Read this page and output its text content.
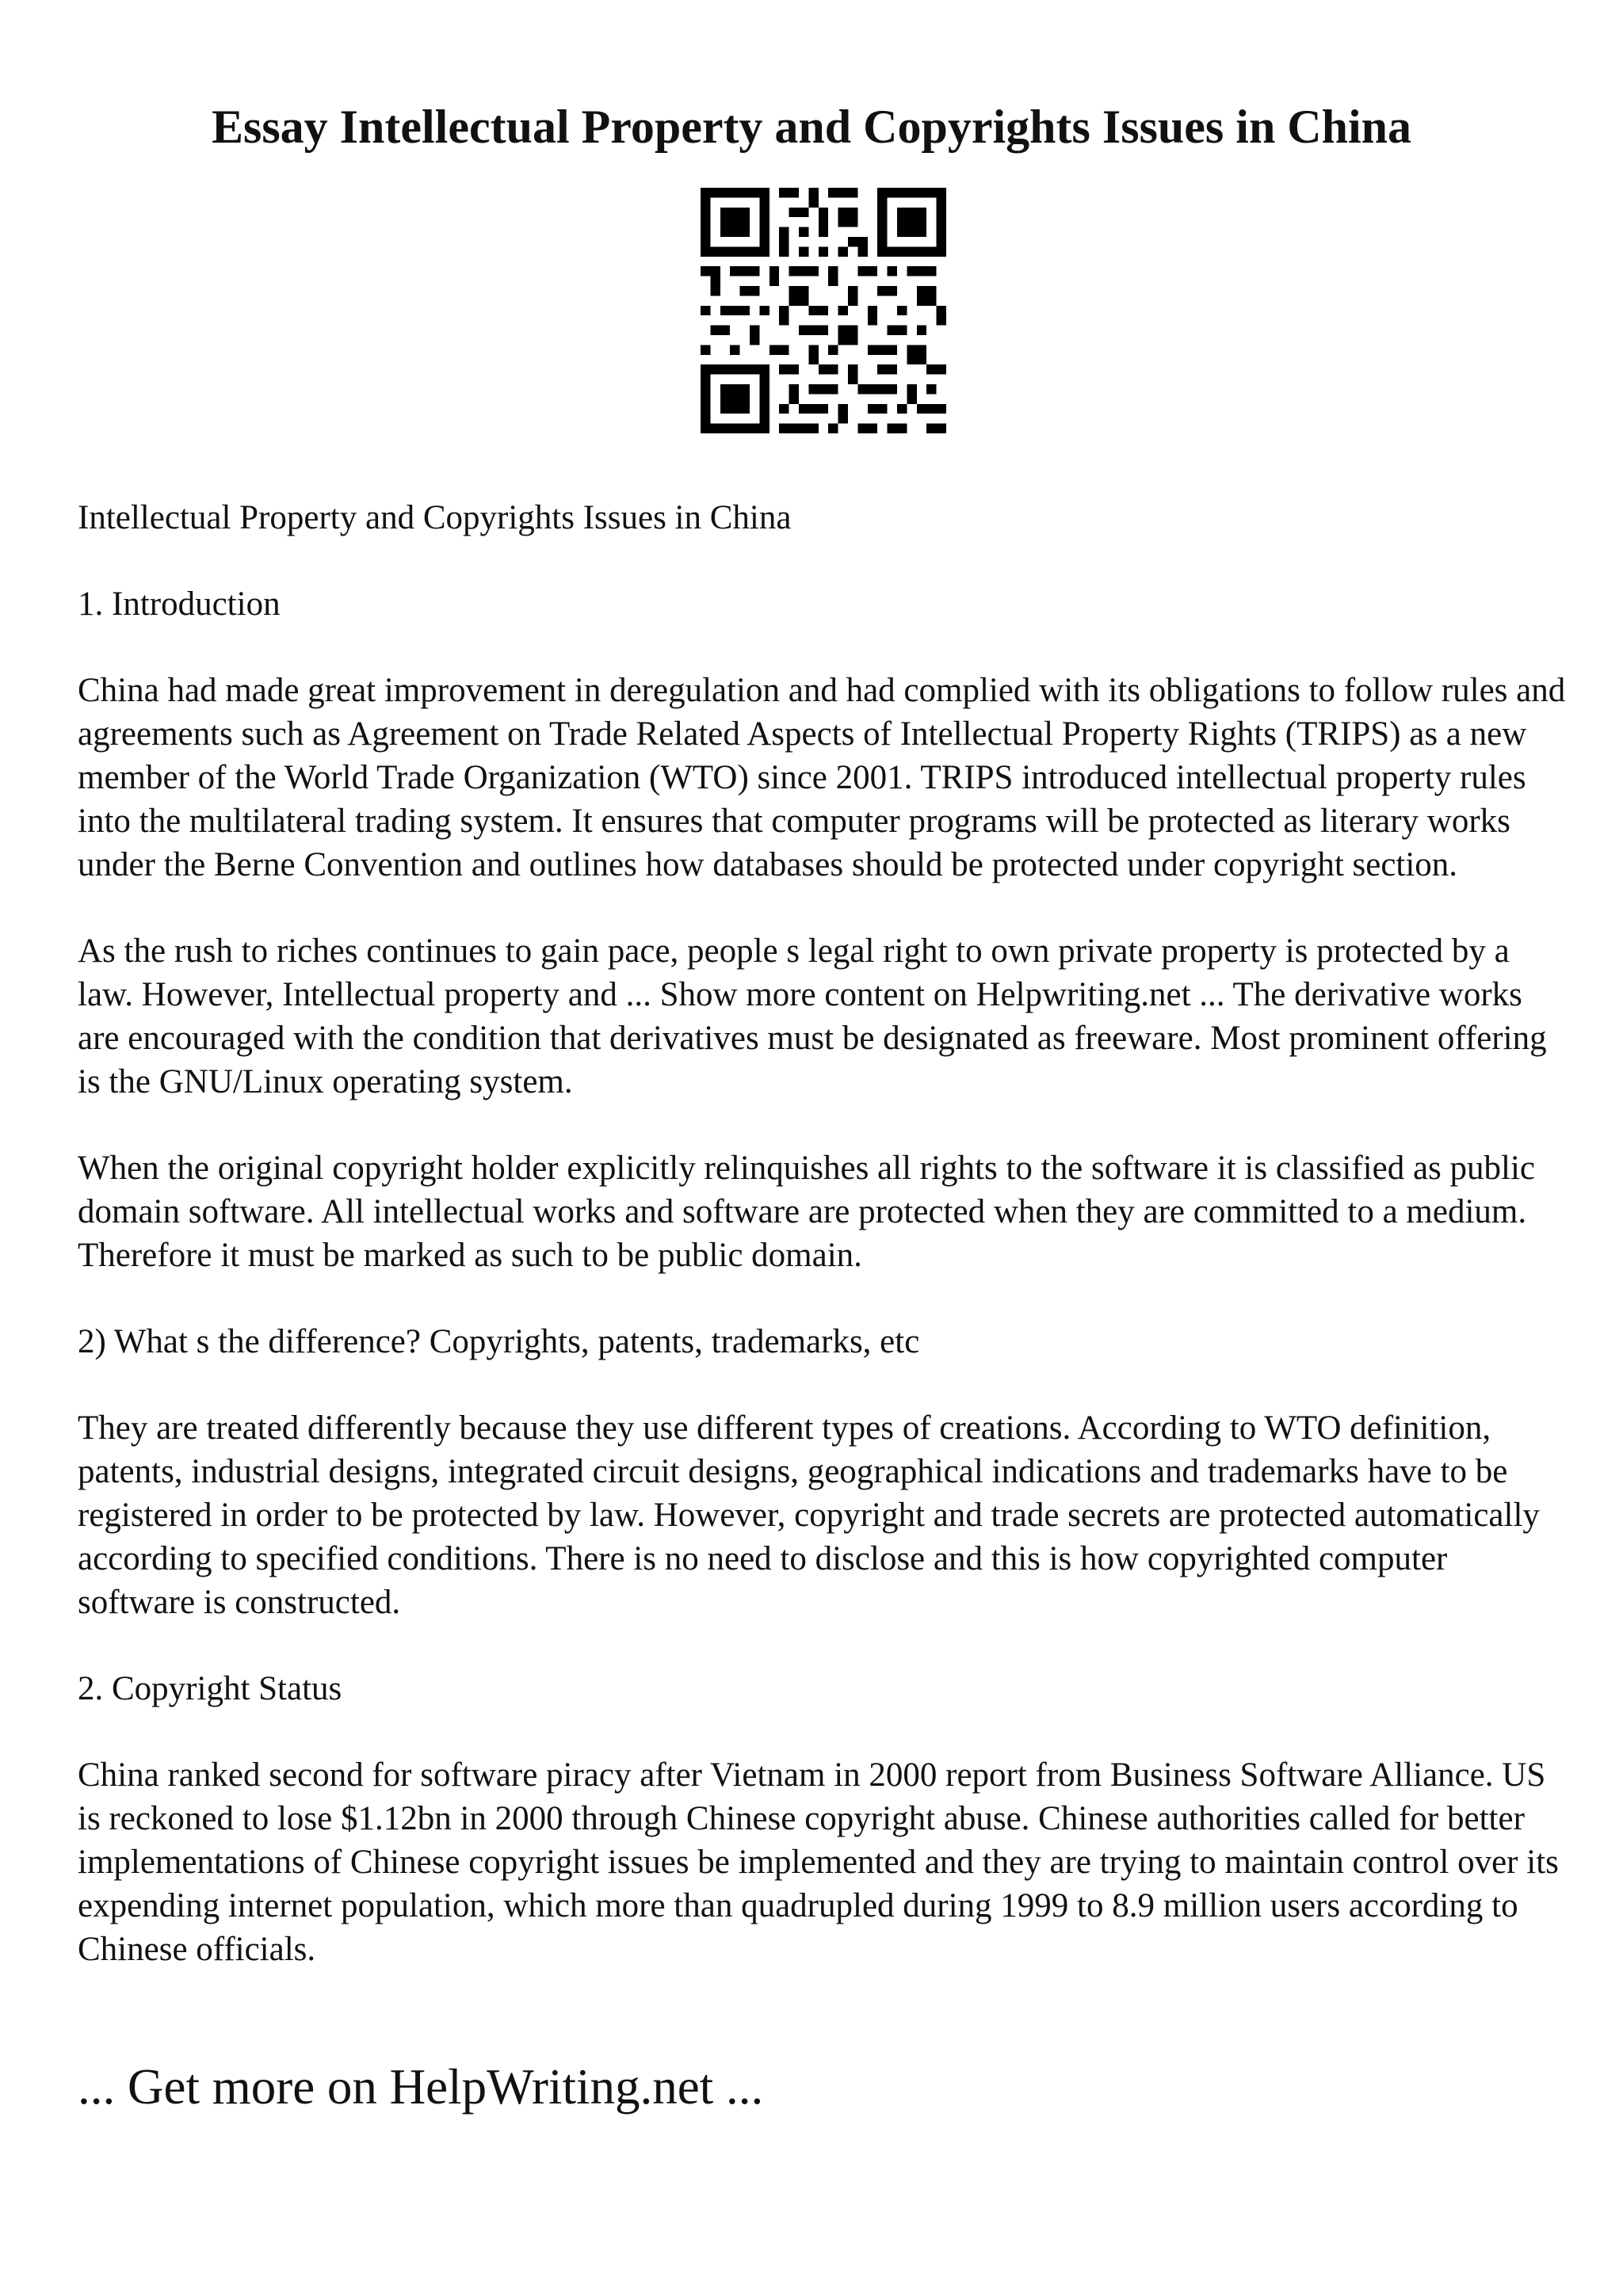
Essay Intellectual Property and Copyrights Issues in China

Intellectual Property and Copyrights Issues in China

1. Introduction

China had made great improvement in deregulation and had complied with its obligations to follow rules and agreements such as Agreement on Trade Related Aspects of Intellectual Property Rights (TRIPS) as a new member of the World Trade Organization (WTO) since 2001. TRIPS introduced intellectual property rules into the multilateral trading system. It ensures that computer programs will be protected as literary works under the Berne Convention and outlines how databases should be protected under copyright section.

As the rush to riches continues to gain pace, people s legal right to own private property is protected by a law. However, Intellectual property and ... Show more content on Helpwriting.net ... The derivative works are encouraged with the condition that derivatives must be designated as freeware. Most prominent offering is the GNU/Linux operating system.

When the original copyright holder explicitly relinquishes all rights to the software it is classified as public domain software. All intellectual works and software are protected when they are committed to a medium. Therefore it must be marked as such to be public domain.

2) What s the difference? Copyrights, patents, trademarks, etc

They are treated differently because they use different types of creations. According to WTO definition, patents, industrial designs, integrated circuit designs, geographical indications and trademarks have to be registered in order to be protected by law. However, copyright and trade secrets are protected automatically according to specified conditions. There is no need to disclose and this is how copyrighted computer software is constructed.

2. Copyright Status

China ranked second for software piracy after Vietnam in 2000 report from Business Software Alliance. US is reckoned to lose $1.12bn in 2000 through Chinese copyright abuse. Chinese authorities called for better implementations of Chinese copyright issues be implemented and they are trying to maintain control over its expending internet population, which more than quadrupled during 1999 to 8.9 million users according to Chinese officials.

... Get more on HelpWriting.net ...
